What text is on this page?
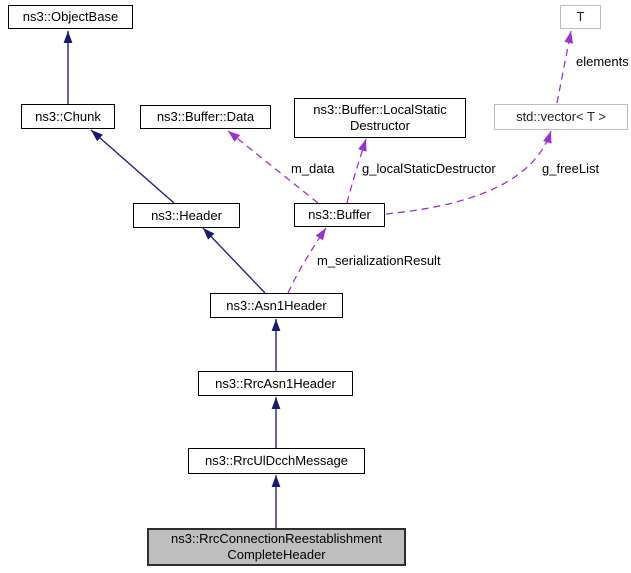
ns3::ObjectBase
ns3::Chunk	ns3::Buffer::Data	ns3::Buffer::LocalStatic
Destructor
std::vector< T >
T
ns3::Header	ns3::Buffer
ns3::Asn1Header
ns3::RrcAsn1Header
ns3::RrcUlDcchMessage
ns3::RrcConnectionReestablishment
CompleteHeader
m_data g_localStaticDestructor	g_freeList
m_serializationResult
elements
